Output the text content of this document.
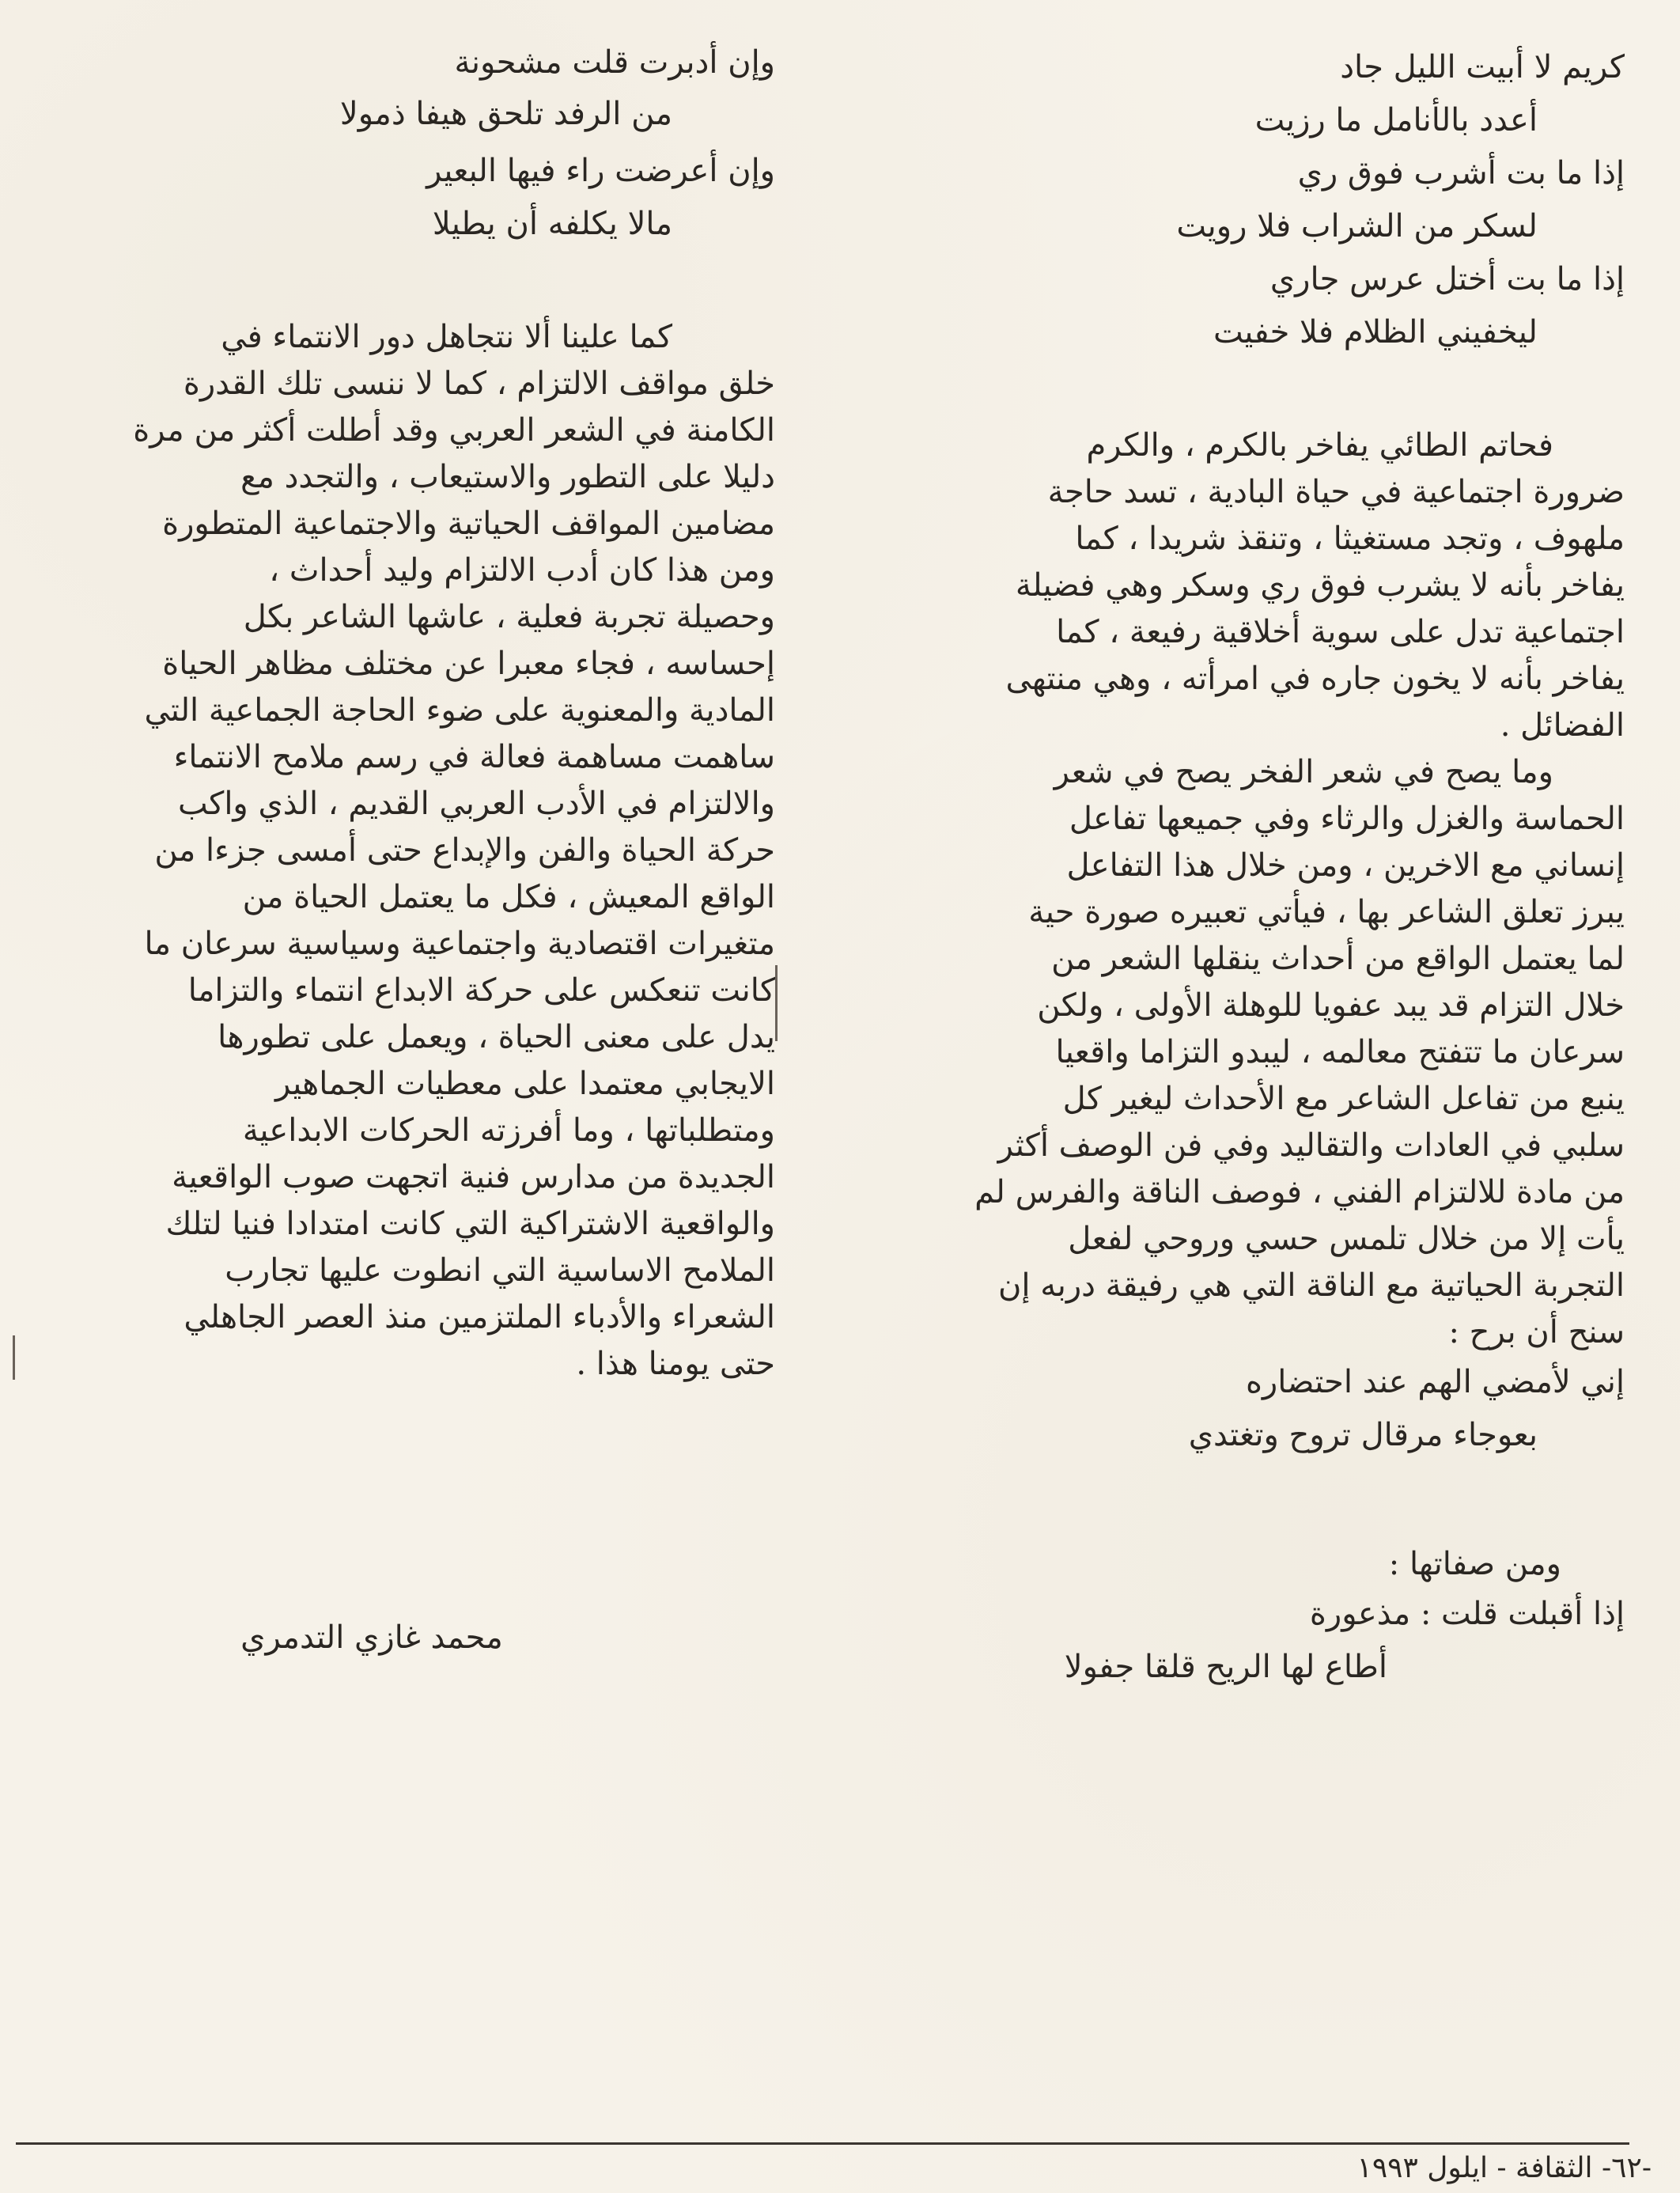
كريم لا أبيت الليل جاد
أعدد بالأنامل ما رزيت
إذا ما بت أشرب فوق ري
لسكر من الشراب فلا رويت
إذا ما بت أختل عرس جاري
ليخفيني الظلام فلا خفيت
فحاتم الطائي يفاخر بالكرم ، والكرم
ضرورة اجتماعية في حياة البادية ، تسد حاجة
ملهوف ، وتجد مستغيثا ، وتنقذ شريدا ، كما
يفاخر بأنه لا يشرب فوق ري وسكر وهي فضيلة
اجتماعية تدل على سوية أخلاقية رفيعة ، كما
يفاخر بأنه لا يخون جاره في امرأته ، وهي منتهى
الفضائل .
وما يصح في شعر الفخر يصح في شعر
الحماسة والغزل والرثاء وفي جميعها تفاعل
إنساني مع الاخرين ، ومن خلال هذا التفاعل
يبرز تعلق الشاعر بها ، فيأتي تعبيره صورة حية
لما يعتمل الواقع من أحداث ينقلها الشعر من
خلال التزام قد يبد عفويا للوهلة الأولى ، ولكن
سرعان ما تتفتح معالمه ، ليبدو التزاما واقعيا
ينبع من تفاعل الشاعر مع الأحداث ليغير كل
سلبي في العادات والتقاليد وفي فن الوصف أكثر
من مادة للالتزام الفني ، فوصف الناقة والفرس لم
يأت إلا من خلال تلمس حسي وروحي لفعل
التجربة الحياتية مع الناقة التي هي رفيقة دربه إن
سنح أن برح :
إني لأمضي الهم عند احتضاره
بعوجاء مرقال تروح وتغتدي
ومن صفاتها :
إذا أقبلت قلت : مذعورة
أطاع لها الريح قلقا جفولا
وإن أدبرت قلت مشحونة
من الرفد تلحق هيفا ذمولا
وإن أعرضت راء فيها البعير
مالا يكلفه أن يطيلا
كما علينا ألا نتجاهل دور الانتماء في
خلق مواقف الالتزام ، كما لا ننسى تلك القدرة
الكامنة في الشعر العربي وقد أطلت أكثر من مرة
دليلا على التطور والاستيعاب ، والتجدد مع
مضامين المواقف الحياتية والاجتماعية المتطورة
ومن هذا كان أدب الالتزام وليد أحداث ،
وحصيلة تجربة فعلية ، عاشها الشاعر بكل
إحساسه ، فجاء معبرا عن مختلف مظاهر الحياة
المادية والمعنوية على ضوء الحاجة الجماعية التي
ساهمت مساهمة فعالة في رسم ملامح الانتماء
والالتزام في الأدب العربي القديم ، الذي واكب
حركة الحياة والفن والإبداع حتى أمسى جزءا من
الواقع المعيش ، فكل ما يعتمل الحياة من
متغيرات اقتصادية واجتماعية وسياسية سرعان ما
كانت تنعكس على حركة الابداع انتماء والتزاما
يدل على معنى الحياة ، ويعمل على تطورها
الايجابي معتمدا على معطيات الجماهير
ومتطلباتها ، وما أفرزته الحركات الابداعية
الجديدة من مدارس فنية اتجهت صوب الواقعية
والواقعية الاشتراكية التي كانت امتدادا فنيا لتلك
الملامح الاساسية التي انطوت عليها تجارب
الشعراء والأدباء الملتزمين منذ العصر الجاهلي
حتى يومنا هذا .
محمد غازي التدمري
-٦٢- الثقافة - ايلول ١٩٩٣
